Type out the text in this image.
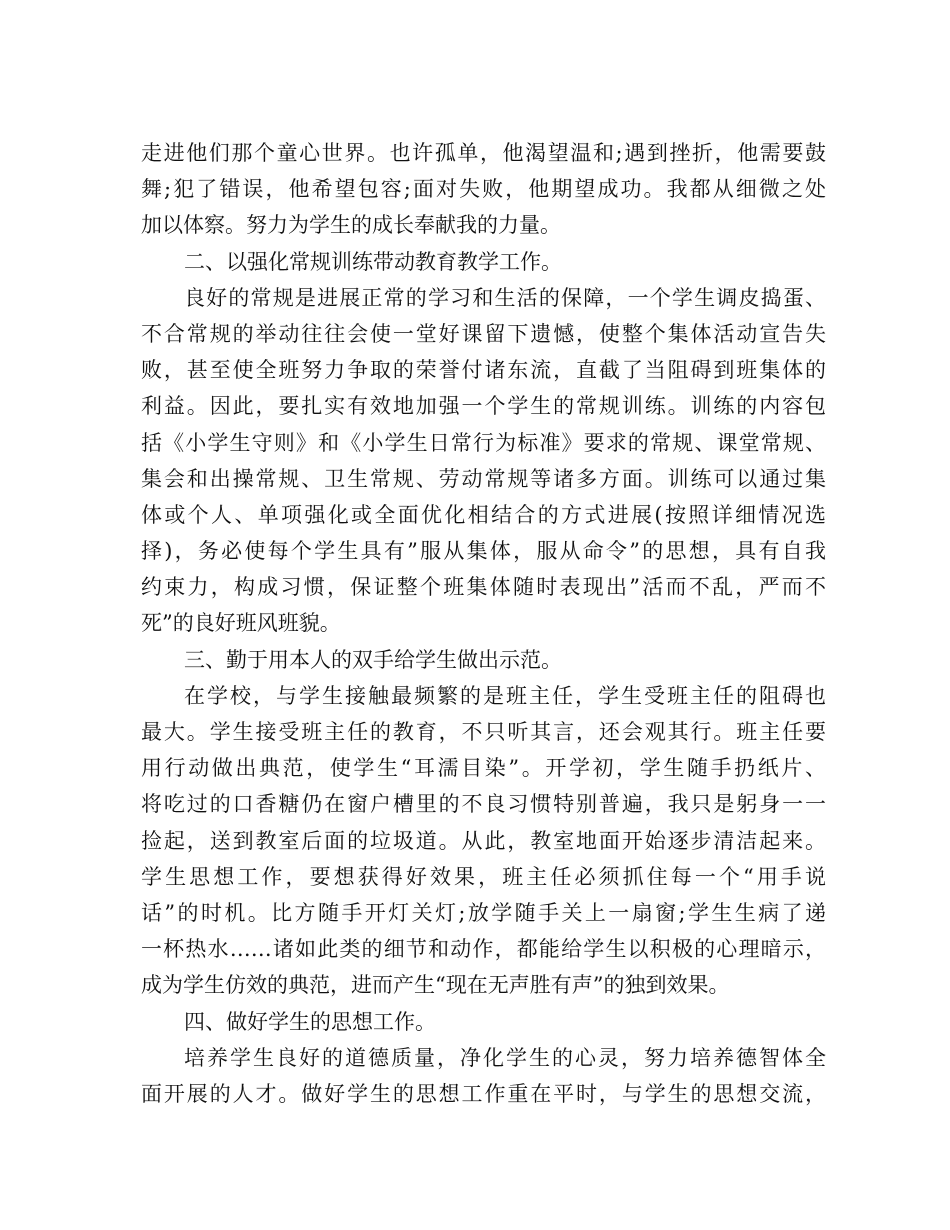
走进他们那个童心世界。也许孤单，他渴望温和;遇到挫折，他需要鼓
舞;犯了错误，他希望包容;面对失败，他期望成功。我都从细微之处
加以体察。努力为学生的成长奉献我的力量。
二、以强化常规训练带动教育教学工作。
良好的常规是进展正常的学习和生活的保障，一个学生调皮捣蛋、
不合常规的举动往往会使一堂好课留下遗憾，使整个集体活动宣告失
败，甚至使全班努力争取的荣誉付诸东流，直截了当阻碍到班集体的
利益。因此，要扎实有效地加强一个学生的常规训练。训练的内容包
括《小学生守则》和《小学生日常行为标准》要求的常规、课堂常规、
集会和出操常规、卫生常规、劳动常规等诸多方面。训练可以通过集
体或个人、单项强化或全面优化相结合的方式进展(按照详细情况选
择)，务必使每个学生具有”服从集体，服从命令”的思想，具有自我
约束力，构成习惯，保证整个班集体随时表现出”活而不乱，严而不
死”的良好班风班貌。
三、勤于用本人的双手给学生做出示范。
在学校，与学生接触最频繁的是班主任，学生受班主任的阻碍也
最大。学生接受班主任的教育，不只听其言，还会观其行。班主任要
用行动做出典范，使学生“耳濡目染”。开学初，学生随手扔纸片、
将吃过的口香糖仍在窗户槽里的不良习惯特别普遍，我只是躬身一一
捡起，送到教室后面的垃圾道。从此，教室地面开始逐步清洁起来。
学生思想工作，要想获得好效果，班主任必须抓住每一个“用手说
话”的时机。比方随手开灯关灯;放学随手关上一扇窗;学生生病了递
一杯热水……诸如此类的细节和动作，都能给学生以积极的心理暗示，
成为学生仿效的典范，进而产生“现在无声胜有声”的独到效果。
四、做好学生的思想工作。
培养学生良好的道德质量，净化学生的心灵，努力培养德智体全
面开展的人才。做好学生的思想工作重在平时，与学生的思想交流，
